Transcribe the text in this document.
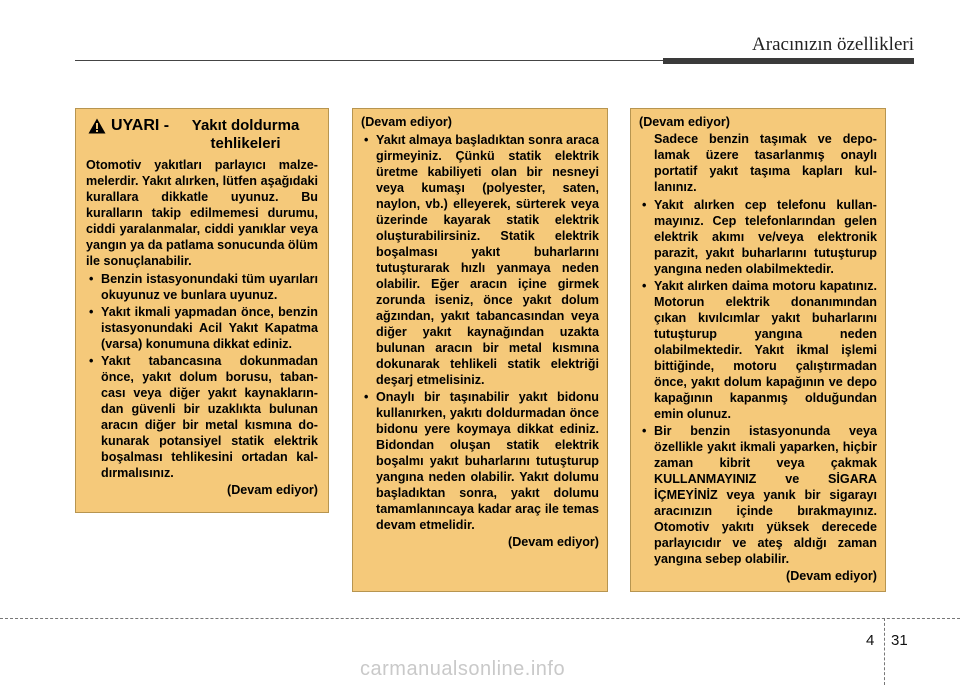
Aracınızın özellikleri
UYARI -	Yakıt doldurma tehlikeleri

Otomotiv yakıtları parlayıcı malzemelerdir. Yakıt alırken, lütfen aşağıdaki kurallara dikkatle uyunuz. Bu kuralların takip edilmemesi durumu, ciddi yaralanmalar, ciddi yanıklar veya yangın ya da patlama sonucunda ölüm ile sonuçlanabilir.

• Benzin istasyonundaki tüm uyarıları okuyunuz ve bunlara uyunuz.
• Yakıt ikmali yapmadan önce, benzin istasyonundaki Acil Yakıt Kapatma (varsa) konumuna dikkat ediniz.
• Yakıt tabancasına dokunmadan önce, yakıt dolum borusu, tabancası veya diğer yakıt kaynaklarından güvenli bir uzaklıkta bulunan aracın diğer bir metal kısmına dokunarak potansiyel statik elektrik boşalması tehlikesini ortadan kaldırmalısınız.
(Devam ediyor)
(Devam ediyor)
• Yakıt almaya başladıktan sonra araca girmeyiniz. Çünkü statik elektrik üretme kabiliyeti olan bir nesneyi veya kumaşı (polyester, saten, naylon, vb.) elleyerek, sürterek veya üzerinde kayarak statik elektrik oluşturabilirsiniz. Statik elektrik boşalması yakıt buharlarını tutuşturarak hızlı yanmaya neden olabilir. Eğer aracın içine girmek zorunda iseniz, önce yakıt dolum ağzından, yakıt tabancasından veya diğer yakıt kaynağından uzakta bulunan aracın bir metal kısmına dokunarak tehlikeli statik elektriği deşarj etmelisiniz.
• Onaylı bir taşınabilir yakıt bidonu kullanırken, yakıtı doldurmadan önce bidonu yere koymaya dikkat ediniz. Bidondan oluşan statik elektrik boşalmı yakıt buharlarını tutuşturup yangına neden olabilir. Yakıt dolumu başladıktan sonra, yakıt dolumu tamamlanıncaya kadar araç ile temas devam etmelidir.
(Devam ediyor)
(Devam ediyor)
Sadece benzin taşımak ve depolamak üzere tasarlanmış onaylı portatif yakıt taşıma kapları kullanınız.
• Yakıt alırken cep telefonu kullanmayınız. Cep telefonlarından gelen elektrik akımı ve/veya elektronik parazit, yakıt buharlarını tutuşturup yangına neden olabilmektedir.
• Yakıt alırken daima motoru kapatınız. Motorun elektrik donanımından çıkan kıvılcımlar yakıt buharlarını tutuşturup yangına neden olabilmektedir. Yakıt ikmal işlemi bittiğinde, motoru çalıştırmadan önce, yakıt dolum kapağının ve depo kapağının kapanmış olduğundan emin olunuz.
• Bir benzin istasyonunda veya özellikle yakıt ikmali yaparken, hiçbir zaman kibrit veya çakmak KULLANMAYINIZ ve SİGARA İÇMEYİNİZ veya yanık bir sigarayı aracınızın içinde bırakmayınız. Otomotiv yakıtı yüksek derecede parlayıcıdır ve ateş aldığı zaman yangına sebep olabilir.
(Devam ediyor)
4 31
carmanualsonline.info
